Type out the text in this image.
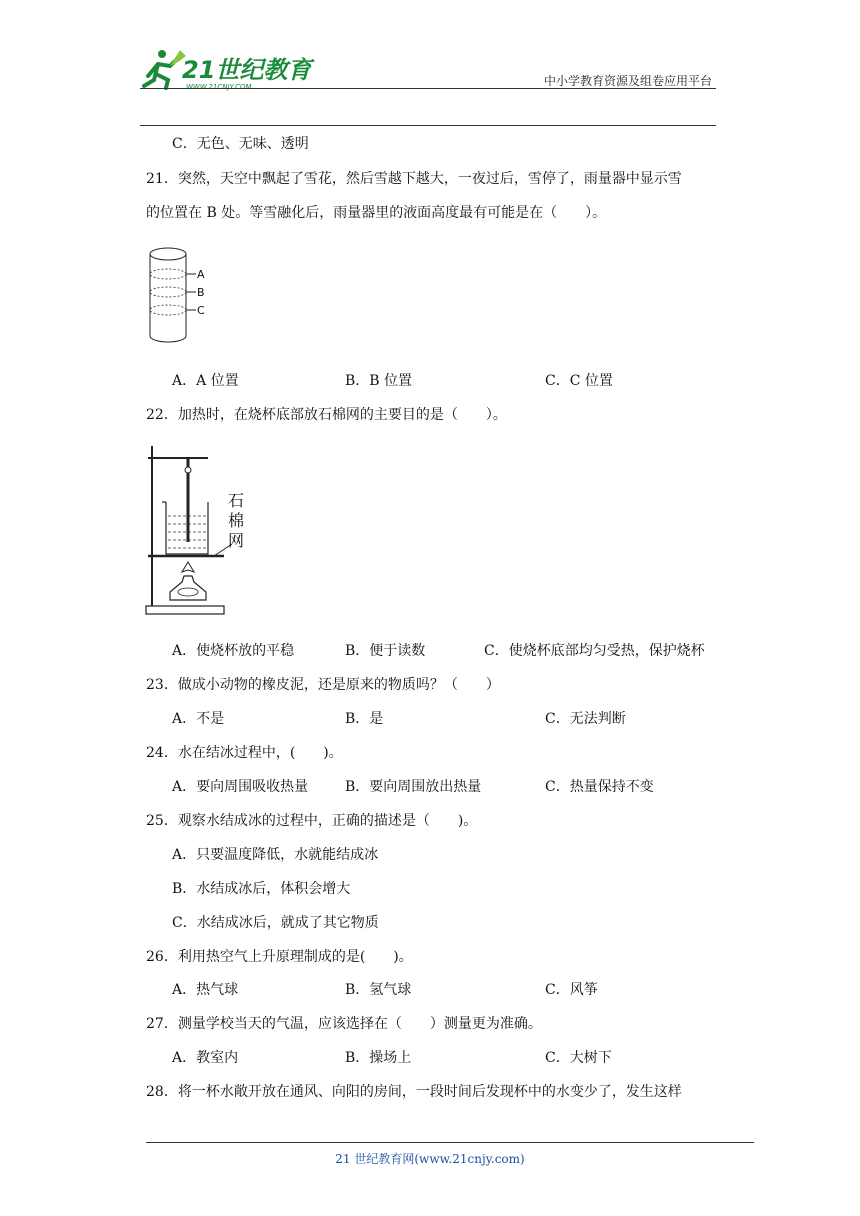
21世纪教育
WWW.21CNJY.COM	中小学教育资源及组卷应用平台
C．无色、无味、透明
21．突然，天空中飘起了雪花，然后雪越下越大，一夜过后，雪停了，雨量器中显示雪
的位置在 B 处。等雪融化后，雨量器里的液面高度最有可能是在（　　）。
A
B
C
A．A 位置	B．B 位置	C．C 位置
22．加热时，在烧杯底部放石棉网的主要目的是（　　）。
石
棉
网
A．使烧杯放的平稳	B．便于读数	C．使烧杯底部均匀受热，保护烧杯
23．做成小动物的橡皮泥，还是原来的物质吗？（　　）
A．不是	B．是	C．无法判断
24．水在结冰过程中，(　　)。
A．要向周围吸收热量	B．要向周围放出热量	C．热量保持不变
25．观察水结成冰的过程中，正确的描述是（　　)。
A．只要温度降低，水就能结成冰
B．水结成冰后，体积会增大
C．水结成冰后，就成了其它物质
26．利用热空气上升原理制成的是(　　)。
A．热气球	B．氢气球	C．风筝
27．测量学校当天的气温，应该选择在（　　）测量更为准确。
A．教室内	B．操场上	C．大树下
28．将一杯水敞开放在通风、向阳的房间，一段时间后发现杯中的水变少了，发生这样
21 世纪教育网(www.21cnjy.com)
